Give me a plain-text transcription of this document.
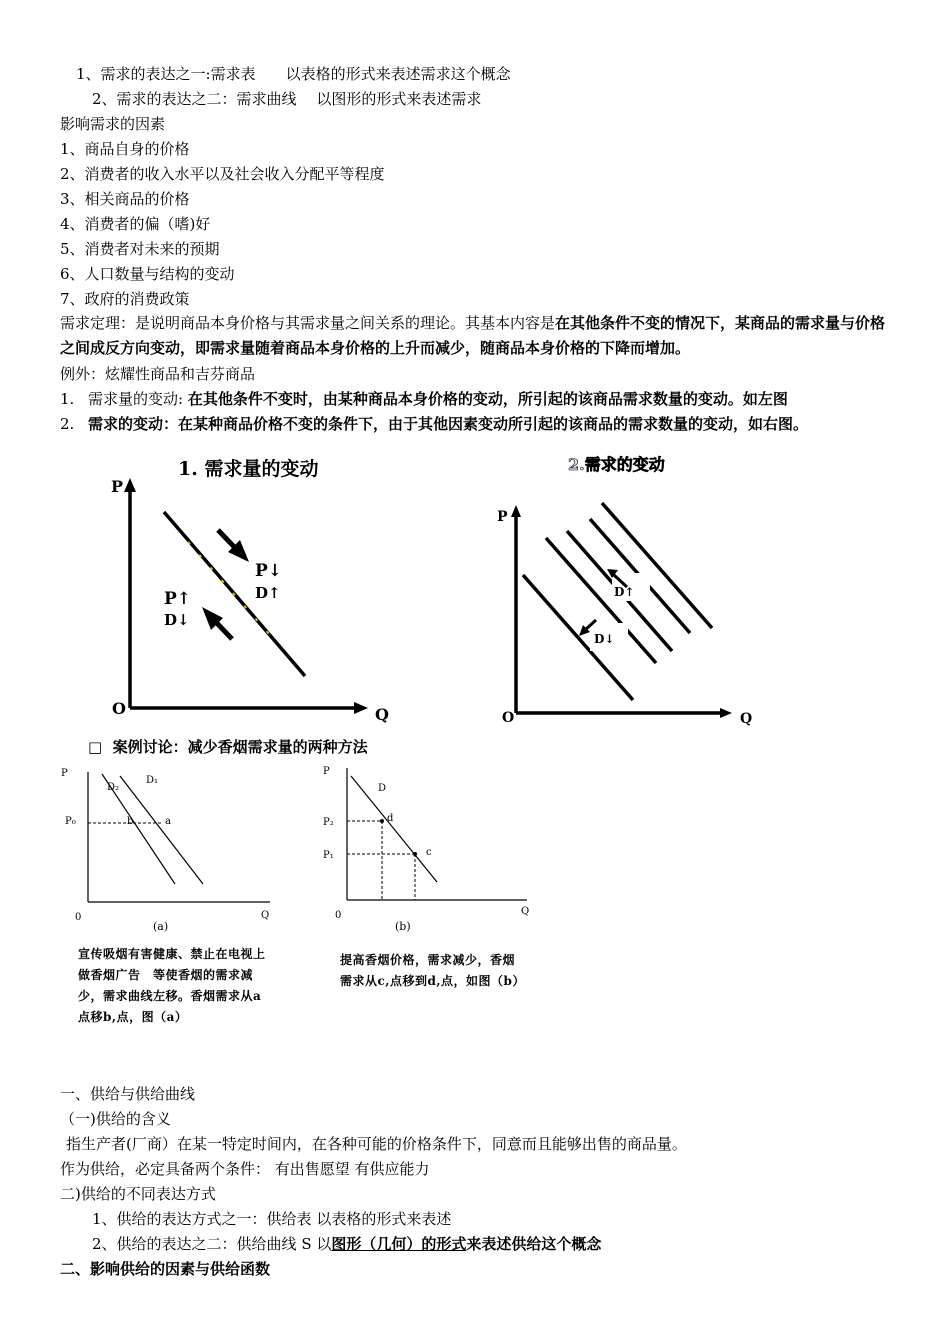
1、需求的表达之一:需求表　　以表格的形式来表述需求这个概念
2、需求的表达之二：需求曲线　 以图形的形式来表述需求
影响需求的因素
1、商品自身的价格
2、消费者的收入水平以及社会收入分配平等程度
3、相关商品的价格
4、消费者的偏（嗜)好
5、消费者对未来的预期
6、人口数量与结构的变动
7、政府的消费政策
需求定理：是说明商品本身价格与其需求量之间关系的理论。其基本内容是在其他条件不变的情况下，某商品的需求量与价格之间成反方向变动，即需求量随着商品本身价格的上升而减少，随商品本身价格的下降而增加。
例外：炫耀性商品和吉芬商品
1. 需求量的变动: 在其他条件不变时，由某种商品本身价格的变动，所引起的该商品需求数量的变动。如左图
2. 需求的变动：在某种商品价格不变的条件下，由于其他因素变动所引起的该商品的需求数量的变动，如右图。
1. 需求量的变动
P
O	Q
P↓
D↑
P↑
D↓
2.需求的变动
P
O	Q
D↑
D↓
□ 案例讨论：减少香烟需求量的两种方法
P
0	Q
P₀
D₂
D₁
b	a
(a)
P
0	Q
D
P₂
P₁
d
c
(b)
宣传吸烟有害健康、禁止在电视上
做香烟广告　等使香烟的需求减
少，需求曲线左移。香烟需求从a
点移b,点，图（a）
提高香烟价格，需求减少，香烟
需求从c,点移到d,点，如图（b）
一、供给与供给曲线
（一)供给的含义
指生产者(厂商）在某一特定时间内，在各种可能的价格条件下，同意而且能够出售的商品量。
作为供给，必定具备两个条件： 有出售愿望 有供应能力
二)供给的不同表达方式
1、供给的表达方式之一：供给表 以表格的形式来表述
2、供给的表达之二：供给曲线 S 以图形（几何）的形式来表述供给这个概念
二、影响供给的因素与供给函数
